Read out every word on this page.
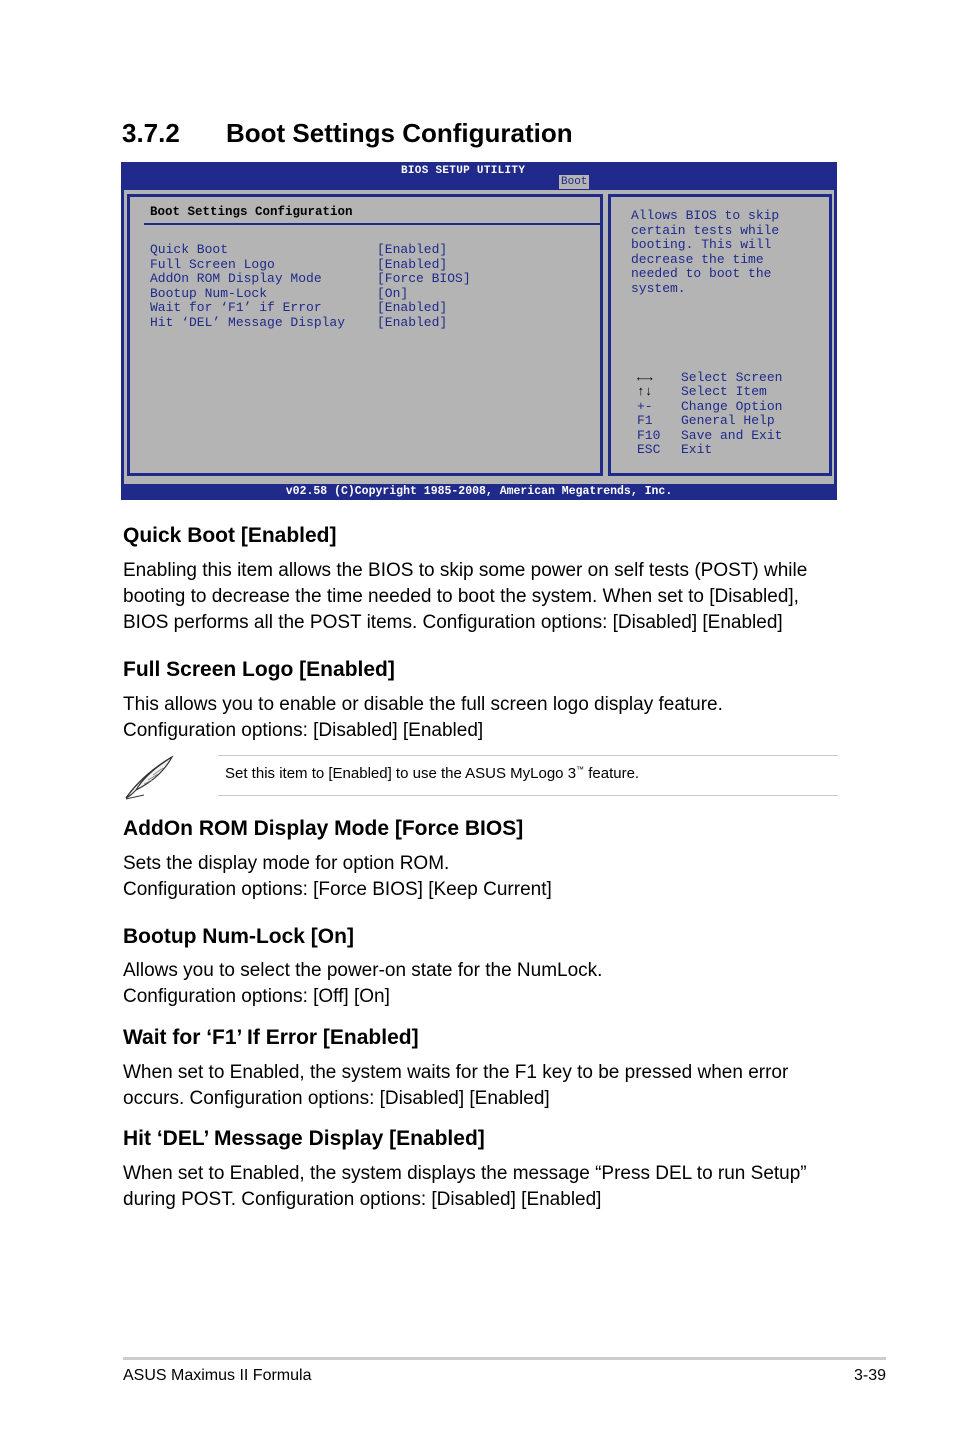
3.7.2 Boot Settings Configuration
BIOS SETUP UTILITY
Boot
Boot Settings Configuration
Quick Boot	[Enabled]
Full Screen Logo	[Enabled]
AddOn ROM Display Mode	[Force BIOS]
Bootup Num-Lock	[On]
Wait for ‘F1’ if Error	[Enabled]
Hit ‘DEL’ Message Display [Enabled]
Allows BIOS to skip
certain tests while
booting. This will
decrease the time
needed to boot the
system.
←→ Select Screen
↑↓ Select Item
+- Change Option
F1 General Help
F10 Save and Exit
ESC Exit
v02.58 (C)Copyright 1985-2008, American Megatrends, Inc.
Quick Boot [Enabled]
Enabling this item allows the BIOS to skip some power on self tests (POST) while
booting to decrease the time needed to boot the system. When set to [Disabled],
BIOS performs all the POST items. Configuration options: [Disabled] [Enabled]
Full Screen Logo [Enabled]
This allows you to enable or disable the full screen logo display feature.
Configuration options: [Disabled] [Enabled]
Set this item to [Enabled] to use the ASUS MyLogo 3™ feature.
AddOn ROM Display Mode [Force BIOS]
Sets the display mode for option ROM.
Configuration options: [Force BIOS] [Keep Current]
Bootup Num-Lock [On]
Allows you to select the power-on state for the NumLock.
Configuration options: [Off] [On]
Wait for ‘F1’ If Error [Enabled]
When set to Enabled, the system waits for the F1 key to be pressed when error
occurs. Configuration options: [Disabled] [Enabled]
Hit ‘DEL’ Message Display [Enabled]
When set to Enabled, the system displays the message “Press DEL to run Setup”
during POST. Configuration options: [Disabled] [Enabled]
ASUS Maximus II Formula	3-39
